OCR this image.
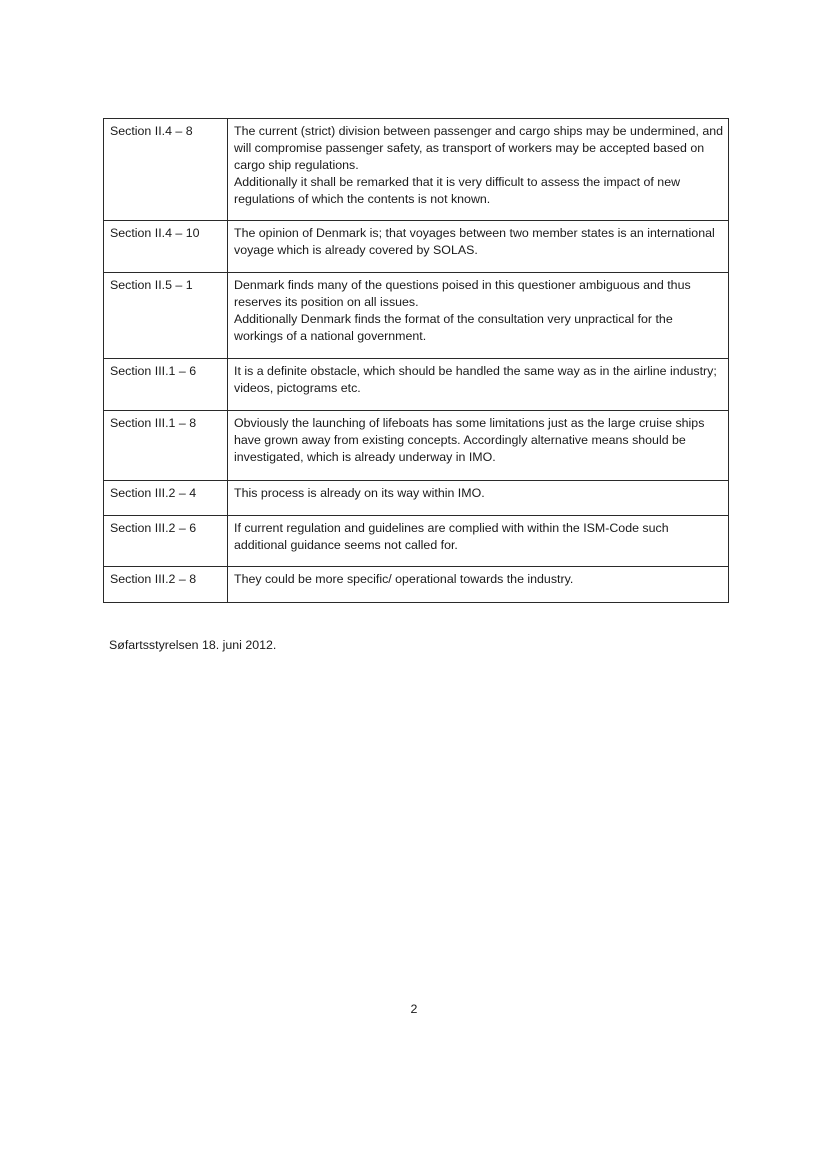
Section II.4 – 8	The current (strict) division between passenger and cargo ships may be undermined, and will compromise passenger safety, as transport of workers may be accepted based on cargo ship regulations.
Additionally it shall be remarked that it is very difficult to assess the impact of new regulations of which the contents is not known.

Section II.4 – 10	The opinion of Denmark is; that voyages between two member states is an international voyage which is already covered by SOLAS.

Section II.5 – 1	Denmark finds many of the questions poised in this questioner ambiguous and thus reserves its position on all issues.
Additionally Denmark finds the format of the consultation very unpractical for the workings of a national government.

Section III.1 – 6	It is a definite obstacle, which should be handled the same way as in the airline industry; videos, pictograms etc.

Section III.1 – 8	Obviously the launching of lifeboats has some limitations just as the large cruise ships have grown away from existing concepts. Accordingly alternative means should be investigated, which is already underway in IMO.

Section III.2 – 4	This process is already on its way within IMO.

Section III.2 – 6	If current regulation and guidelines are complied with within the ISM-Code such additional guidance seems not called for.

Section III.2 – 8	They could be more specific/ operational towards the industry.
Søfartsstyrelsen 18. juni 2012.
2
